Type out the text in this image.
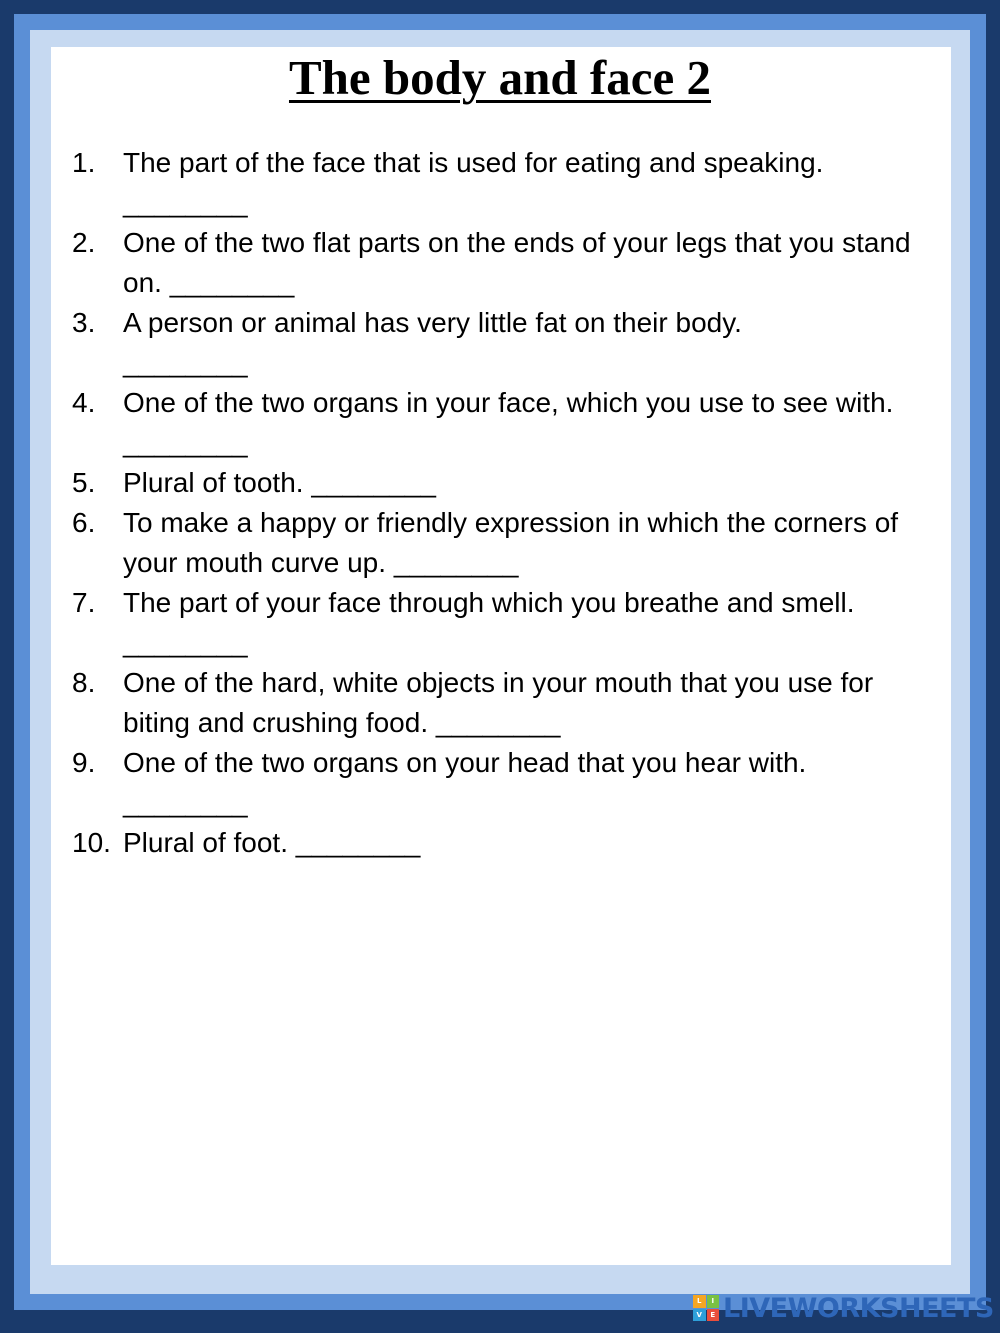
The body and face 2
1. The part of the face that is used for eating and speaking.
________
2. One of the two flat parts on the ends of your legs that you stand on. ________
3. A person or animal has very little fat on their body.
________
4. One of the two organs in your face, which you use to see with. ________
5. Plural of tooth. ________
6. To make a happy or friendly expression in which the corners of your mouth curve up. ________
7. The part of your face through which you breathe and smell.
________
8. One of the hard, white objects in your mouth that you use for biting and crushing food. ________
9. One of the two organs on your head that you hear with.
________
10. Plural of foot. ________
L	I
V	E LIVEWORKSHEETS
